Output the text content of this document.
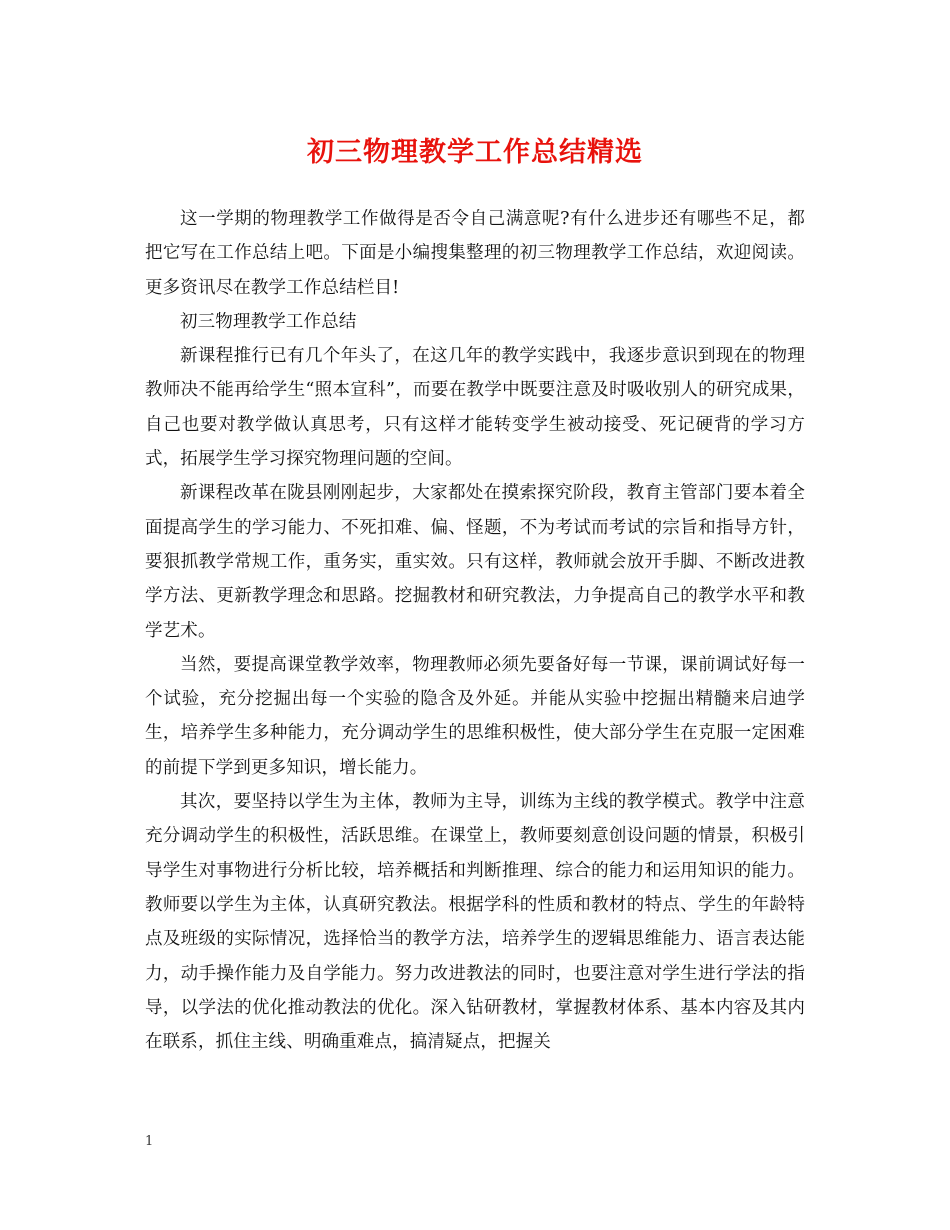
初三物理教学工作总结精选

这一学期的物理教学工作做得是否令自己满意呢?有什么进步还有哪些不足，都把它写在工作总结上吧。下面是小编搜集整理的初三物理教学工作总结，欢迎阅读。更多资讯尽在教学工作总结栏目!

初三物理教学工作总结

新课程推行已有几个年头了，在这几年的教学实践中，我逐步意识到现在的物理教师决不能再给学生“照本宣科”，而要在教学中既要注意及时吸收别人的研究成果，自己也要对教学做认真思考，只有这样才能转变学生被动接受、死记硬背的学习方式，拓展学生学习探究物理问题的空间。

新课程改革在陇县刚刚起步，大家都处在摸索探究阶段，教育主管部门要本着全面提高学生的学习能力、不死扣难、偏、怪题，不为考试而考试的宗旨和指导方针，要狠抓教学常规工作，重务实，重实效。只有这样，教师就会放开手脚、不断改进教学方法、更新教学理念和思路。挖掘教材和研究教法，力争提高自己的教学水平和教学艺术。

当然，要提高课堂教学效率，物理教师必须先要备好每一节课，课前调试好每一个试验，充分挖掘出每一个实验的隐含及外延。并能从实验中挖掘出精髓来启迪学生，培养学生多种能力，充分调动学生的思维积极性，使大部分学生在克服一定困难的前提下学到更多知识，增长能力。

其次，要坚持以学生为主体，教师为主导，训练为主线的教学模式。教学中注意充分调动学生的积极性，活跃思维。在课堂上，教师要刻意创设问题的情景，积极引导学生对事物进行分析比较，培养概括和判断推理、综合的能力和运用知识的能力。教师要以学生为主体，认真研究教法。根据学科的性质和教材的特点、学生的年龄特点及班级的实际情况，选择恰当的教学方法，培养学生的逻辑思维能力、语言表达能力，动手操作能力及自学能力。努力改进教法的同时，也要注意对学生进行学法的指导，以学法的优化推动教法的优化。深入钻研教材，掌握教材体系、基本内容及其内在联系，抓住主线、明确重难点，搞清疑点，把握关

1
